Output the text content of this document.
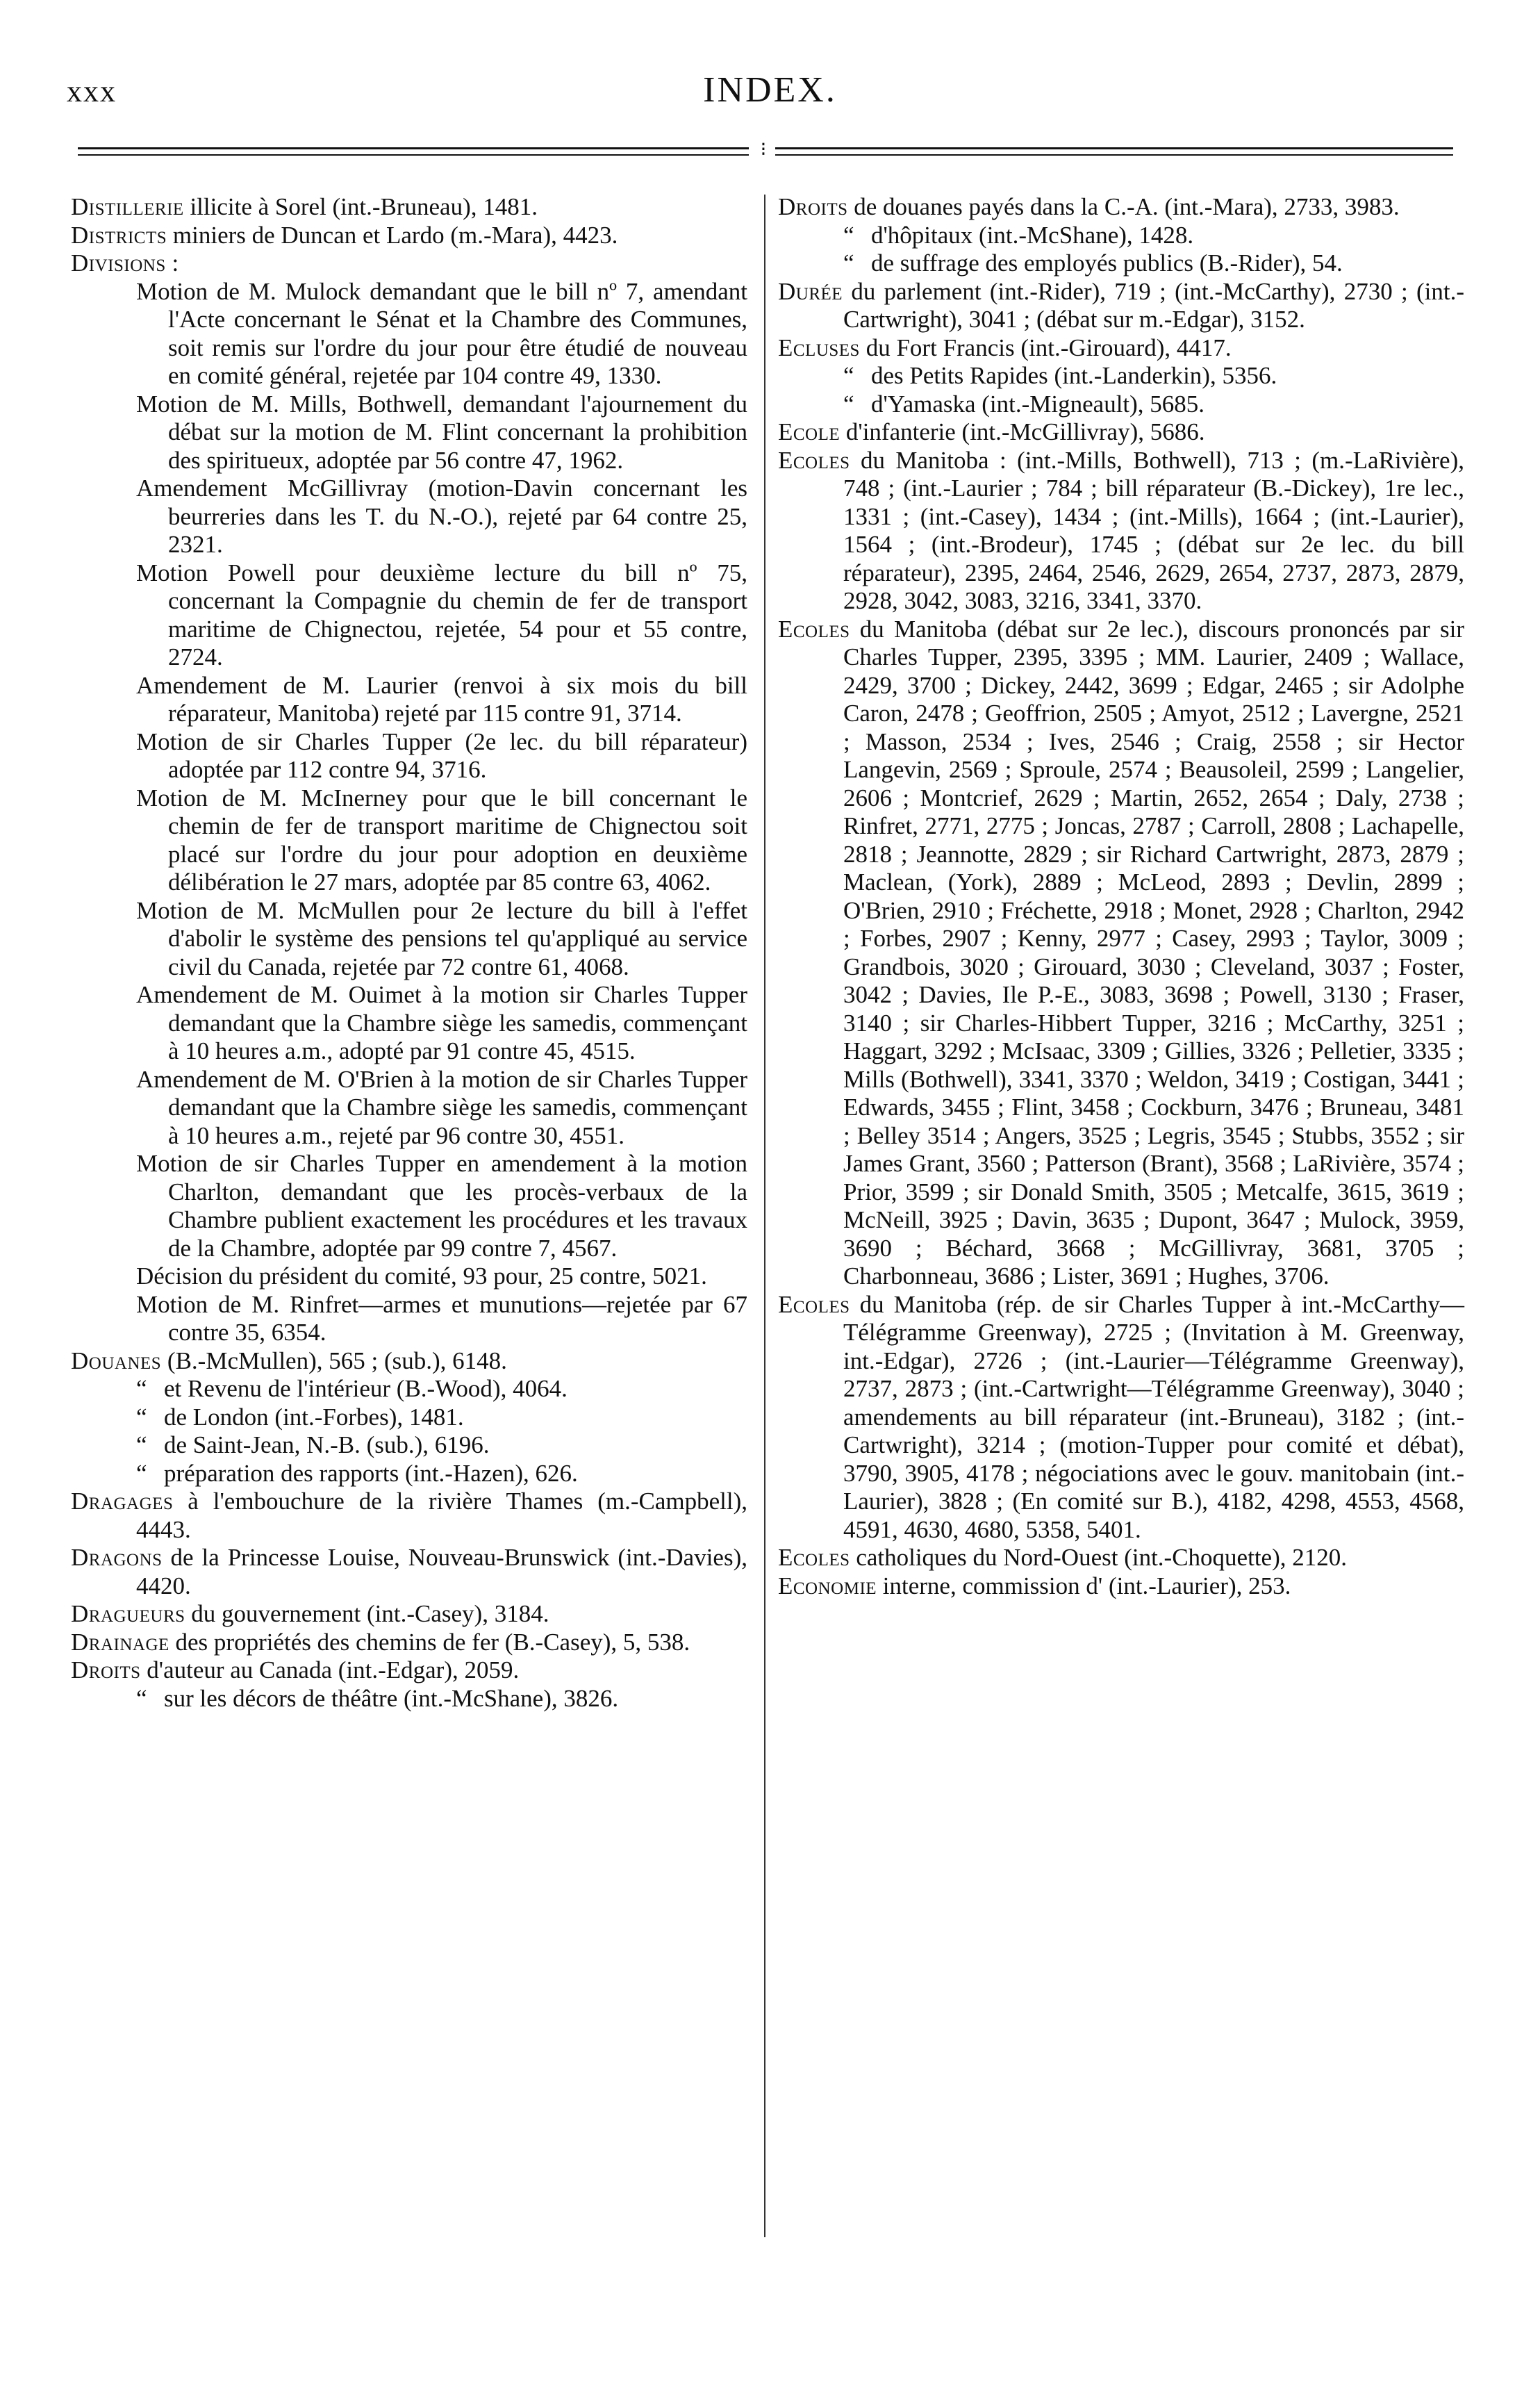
xxx	INDEX.
⁝

Distillerie illicite à Sorel (int.-Bruneau), 1481.

Districts miniers de Duncan et Lardo (m.-Mara), 4423.

Divisions :

Motion de M. Mulock demandant que le bill nº 7, amendant l'Acte concernant le Sénat et la Chambre des Communes, soit remis sur l'ordre du jour pour être étudié de nouveau en comité général, rejetée par 104 contre 49, 1330.

Motion de M. Mills, Bothwell, demandant l'ajournement du débat sur la motion de M. Flint concernant la prohibition des spiritueux, adoptée par 56 contre 47, 1962.

Amendement McGillivray (motion-Davin concernant les beurreries dans les T. du N.-O.), rejeté par 64 contre 25, 2321.

Motion Powell pour deuxième lecture du bill nº 75, concernant la Compagnie du chemin de fer de transport maritime de Chignectou, rejetée, 54 pour et 55 contre, 2724.

Amendement de M. Laurier (renvoi à six mois du bill réparateur, Manitoba) rejeté par 115 contre 91, 3714.

Motion de sir Charles Tupper (2e lec. du bill réparateur) adoptée par 112 contre 94, 3716.

Motion de M. McInerney pour que le bill concernant le chemin de fer de transport maritime de Chignectou soit placé sur l'ordre du jour pour adoption en deuxième délibération le 27 mars, adoptée par 85 contre 63, 4062.

Motion de M. McMullen pour 2e lecture du bill à l'effet d'abolir le système des pensions tel qu'appliqué au service civil du Canada, rejetée par 72 contre 61, 4068.

Amendement de M. Ouimet à la motion sir Charles Tupper demandant que la Chambre siège les samedis, commençant à 10 heures a.m., adopté par 91 contre 45, 4515.

Amendement de M. O'Brien à la motion de sir Charles Tupper demandant que la Chambre siège les samedis, commençant à 10 heures a.m., rejeté par 96 contre 30, 4551.

Motion de sir Charles Tupper en amendement à la motion Charlton, demandant que les procès-verbaux de la Chambre publient exactement les procédures et les travaux de la Chambre, adoptée par 99 contre 7, 4567.

Décision du président du comité, 93 pour, 25 contre, 5021.

Motion de M. Rinfret—armes et munutions—rejetée par 67 contre 35, 6354.

Douanes (B.-McMullen), 565 ; (sub.), 6148.

“ et Revenu de l'intérieur (B.-Wood), 4064.

“ de London (int.-Forbes), 1481.

“ de Saint-Jean, N.-B. (sub.), 6196.

“ préparation des rapports (int.-Hazen), 626.

Dragages à l'embouchure de la rivière Thames (m.-Campbell), 4443.

Dragons de la Princesse Louise, Nouveau-Brunswick (int.-Davies), 4420.

Dragueurs du gouvernement (int.-Casey), 3184.

Drainage des propriétés des chemins de fer (B.-Casey), 5, 538.

Droits d'auteur au Canada (int.-Edgar), 2059.

“ sur les décors de théâtre (int.-McShane), 3826.

Droits de douanes payés dans la C.-A. (int.-Mara), 2733, 3983.

“ d'hôpitaux (int.-McShane), 1428.

“ de suffrage des employés publics (B.-Rider), 54.

Durée du parlement (int.-Rider), 719 ; (int.-McCarthy), 2730 ; (int.-Cartwright), 3041 ; (débat sur m.-Edgar), 3152.

Ecluses du Fort Francis (int.-Girouard), 4417.

“ des Petits Rapides (int.-Landerkin), 5356.

“ d'Yamaska (int.-Migneault), 5685.

Ecole d'infanterie (int.-McGillivray), 5686.

Ecoles du Manitoba : (int.-Mills, Bothwell), 713 ; (m.-LaRivière), 748 ; (int.-Laurier ; 784 ; bill réparateur (B.-Dickey), 1re lec., 1331 ; (int.-Casey), 1434 ; (int.-Mills), 1664 ; (int.-Laurier), 1564 ; (int.-Brodeur), 1745 ; (débat sur 2e lec. du bill réparateur), 2395, 2464, 2546, 2629, 2654, 2737, 2873, 2879, 2928, 3042, 3083, 3216, 3341, 3370.

Ecoles du Manitoba (débat sur 2e lec.), discours prononcés par sir Charles Tupper, 2395, 3395 ; MM. Laurier, 2409 ; Wallace, 2429, 3700 ; Dickey, 2442, 3699 ; Edgar, 2465 ; sir Adolphe Caron, 2478 ; Geoffrion, 2505 ; Amyot, 2512 ; Lavergne, 2521 ; Masson, 2534 ; Ives, 2546 ; Craig, 2558 ; sir Hector Langevin, 2569 ; Sproule, 2574 ; Beausoleil, 2599 ; Langelier, 2606 ; Montcrief, 2629 ; Martin, 2652, 2654 ; Daly, 2738 ; Rinfret, 2771, 2775 ; Joncas, 2787 ; Carroll, 2808 ; Lachapelle, 2818 ; Jeannotte, 2829 ; sir Richard Cartwright, 2873, 2879 ; Maclean, (York), 2889 ; McLeod, 2893 ; Devlin, 2899 ; O'Brien, 2910 ; Fréchette, 2918 ; Monet, 2928 ; Charlton, 2942 ; Forbes, 2907 ; Kenny, 2977 ; Casey, 2993 ; Taylor, 3009 ; Grandbois, 3020 ; Girouard, 3030 ; Cleveland, 3037 ; Foster, 3042 ; Davies, Ile P.-E., 3083, 3698 ; Powell, 3130 ; Fraser, 3140 ; sir Charles-Hibbert Tupper, 3216 ; McCarthy, 3251 ; Haggart, 3292 ; McIsaac, 3309 ; Gillies, 3326 ; Pelletier, 3335 ; Mills (Bothwell), 3341, 3370 ; Weldon, 3419 ; Costigan, 3441 ; Edwards, 3455 ; Flint, 3458 ; Cockburn, 3476 ; Bruneau, 3481 ; Belley 3514 ; Angers, 3525 ; Legris, 3545 ; Stubbs, 3552 ; sir James Grant, 3560 ; Patterson (Brant), 3568 ; LaRivière, 3574 ; Prior, 3599 ; sir Donald Smith, 3505 ; Metcalfe, 3615, 3619 ; McNeill, 3925 ; Davin, 3635 ; Dupont, 3647 ; Mulock, 3959, 3690 ; Béchard, 3668 ; McGillivray, 3681, 3705 ; Charbonneau, 3686 ; Lister, 3691 ; Hughes, 3706.

Ecoles du Manitoba (rép. de sir Charles Tupper à int.-McCarthy—Télégramme Greenway), 2725 ; (Invitation à M. Greenway, int.-Edgar), 2726 ; (int.-Laurier—Télégramme Greenway), 2737, 2873 ; (int.-Cartwright—Télégramme Greenway), 3040 ; amendements au bill réparateur (int.-Bruneau), 3182 ; (int.-Cartwright), 3214 ; (motion-Tupper pour comité et débat), 3790, 3905, 4178 ; négociations avec le gouv. manitobain (int.-Laurier), 3828 ; (En comité sur B.), 4182, 4298, 4553, 4568, 4591, 4630, 4680, 5358, 5401.

Ecoles catholiques du Nord-Ouest (int.-Choquette), 2120.

Economie interne, commission d' (int.-Laurier), 253.
